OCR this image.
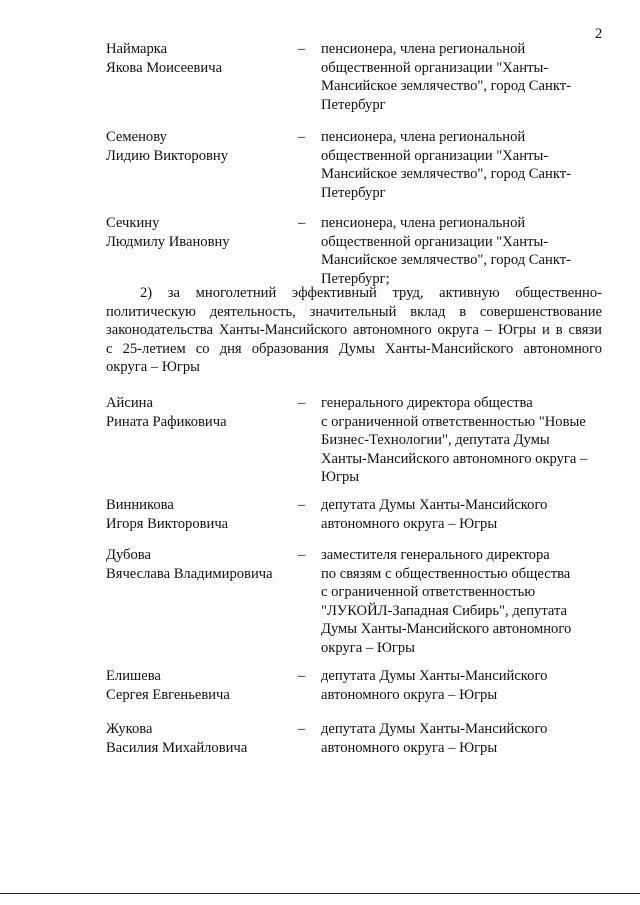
2
Наймарка
Якова Моисеевича
– пенсионера, члена региональной
общественной организации "Ханты-
Мансийское землячество", город Санкт-
Петербург
Семенову
Лидию Викторовну
– пенсионера, члена региональной
общественной организации "Ханты-
Мансийское землячество", город Санкт-
Петербург
Сечкину
Людмилу Ивановну
– пенсионера, члена региональной
общественной организации "Ханты-
Мансийское землячество", город Санкт-
Петербург;
2) за многолетний эффективный труд, активную общественно-
политическую деятельность, значительный вклад в совершенствование
законодательства Ханты-Мансийского автономного округа – Югры и в связи
с 25-летием со дня образования Думы Ханты-Мансийского автономного
округа – Югры
Айсина
Рината Рафиковича
– генерального директора общества
с ограниченной ответственностью "Новые
Бизнес-Технологии", депутата Думы
Ханты-Мансийского автономного округа –
Югры
Винникова
Игоря Викторовича
– депутата Думы Ханты-Мансийского
автономного округа – Югры
Дубова
Вячеслава Владимировича
– заместителя генерального директора
по связям с общественностью общества
с ограниченной ответственностью
"ЛУКОЙЛ-Западная Сибирь", депутата
Думы Ханты-Мансийского автономного
округа – Югры
Елишева
Сергея Евгеньевича
– депутата Думы Ханты-Мансийского
автономного округа – Югры
Жукова
Василия Михайловича
– депутата Думы Ханты-Мансийского
автономного округа – Югры
